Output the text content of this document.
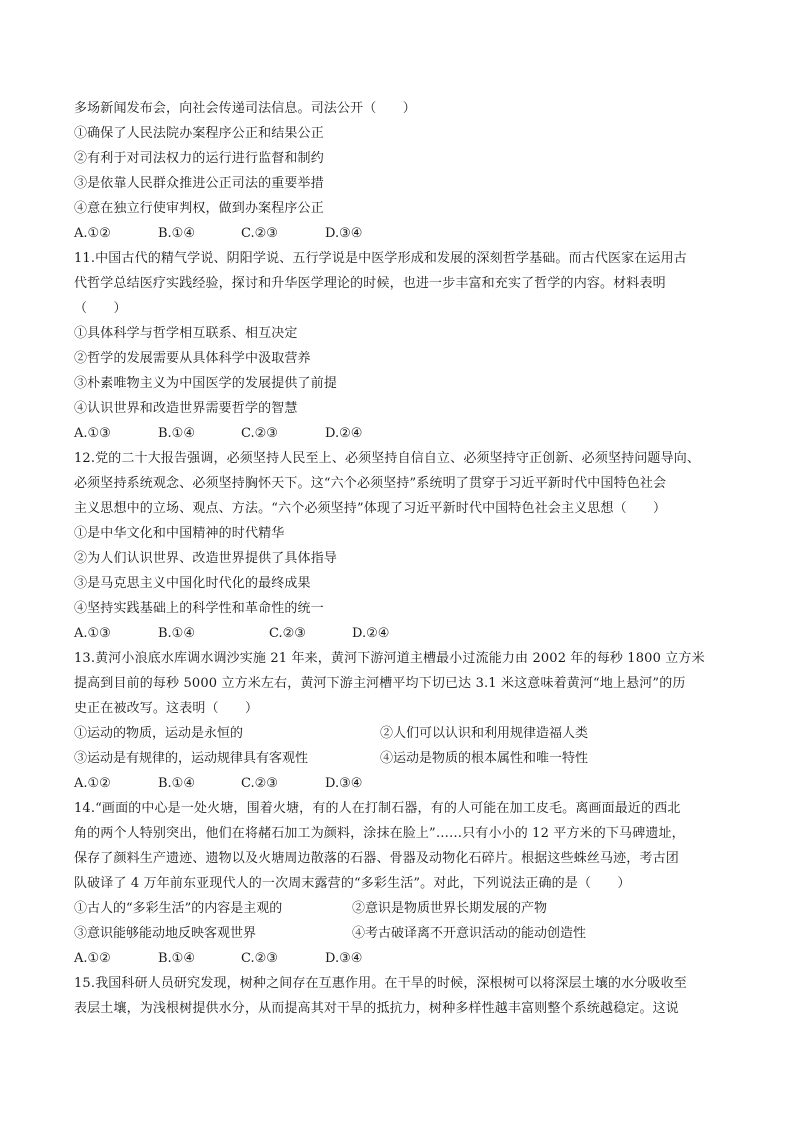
多场新闻发布会，向社会传递司法信息。司法公开（　　）
①确保了人民法院办案程序公正和结果公正
②有利于对司法权力的运行进行监督和制约
③是依靠人民群众推进公正司法的重要举措
④意在独立行使审判权，做到办案程序公正
A.①②	B.①④	C.②③	D.③④
11.中国古代的精气学说、阴阳学说、五行学说是中医学形成和发展的深刻哲学基础。而古代医家在运用古
代哲学总结医疗实践经验，探讨和升华医学理论的时候，也进一步丰富和充实了哲学的内容。材料表明
（　　）
①具体科学与哲学相互联系、相互决定
②哲学的发展需要从具体科学中汲取营养
③朴素唯物主义为中国医学的发展提供了前提
④认识世界和改造世界需要哲学的智慧
A.①③	B.①④	C.②③	D.②④
12.党的二十大报告强调，必须坚持人民至上、必须坚持自信自立、必须坚持守正创新、必须坚持问题导向、
必须坚持系统观念、必须坚持胸怀天下。这“六个必须坚持”系统明了贯穿于习近平新时代中国特色社会
主义思想中的立场、观点、方法。“六个必须坚持”体现了习近平新时代中国特色社会主义思想（　　）
①是中华文化和中国精神的时代精华
②为人们认识世界、改造世界提供了具体指导
③是马克思主义中国化时代化的最终成果
④坚持实践基础上的科学性和革命性的统一
A.①③	B.①④	C.②③	D.②④
13.黄河小浪底水库调水调沙实施 21 年来，黄河下游河道主槽最小过流能力由 2002 年的每秒 1800 立方米
提高到目前的每秒 5000 立方米左右，黄河下游主河槽平均下切已达 3.1 米这意味着黄河“地上悬河”的历
史正在被改写。这表明（　　）
①运动的物质，运动是永恒的	②人们可以认识和利用规律造福人类
③运动是有规律的，运动规律具有客观性	④运动是物质的根本属性和唯一特性
A.①②	B.①④	C.②③	D.③④
14.“画面的中心是一处火塘，围着火塘，有的人在打制石器，有的人可能在加工皮毛。离画面最近的西北
角的两个人特别突出，他们在将赭石加工为颜料，涂抹在脸上”……只有小小的 12 平方米的下马碑遗址，
保存了颜料生产遗迹、遗物以及火塘周边散落的石器、骨器及动物化石碎片。根据这些蛛丝马迹，考古团
队破译了 4 万年前东亚现代人的一次周末露营的“多彩生活”。对此，下列说法正确的是（　　）
①古人的“多彩生活”的内容是主观的	②意识是物质世界长期发展的产物
③意识能够能动地反映客观世界	④考古破译离不开意识活动的能动创造性
A.①②	B.①④	C.②③	D.③④
15.我国科研人员研究发现，树种之间存在互惠作用。在干旱的时候，深根树可以将深层土壤的水分吸收至
表层土壤，为浅根树提供水分，从而提高其对干旱的抵抗力，树种多样性越丰富则整个系统越稳定。这说
